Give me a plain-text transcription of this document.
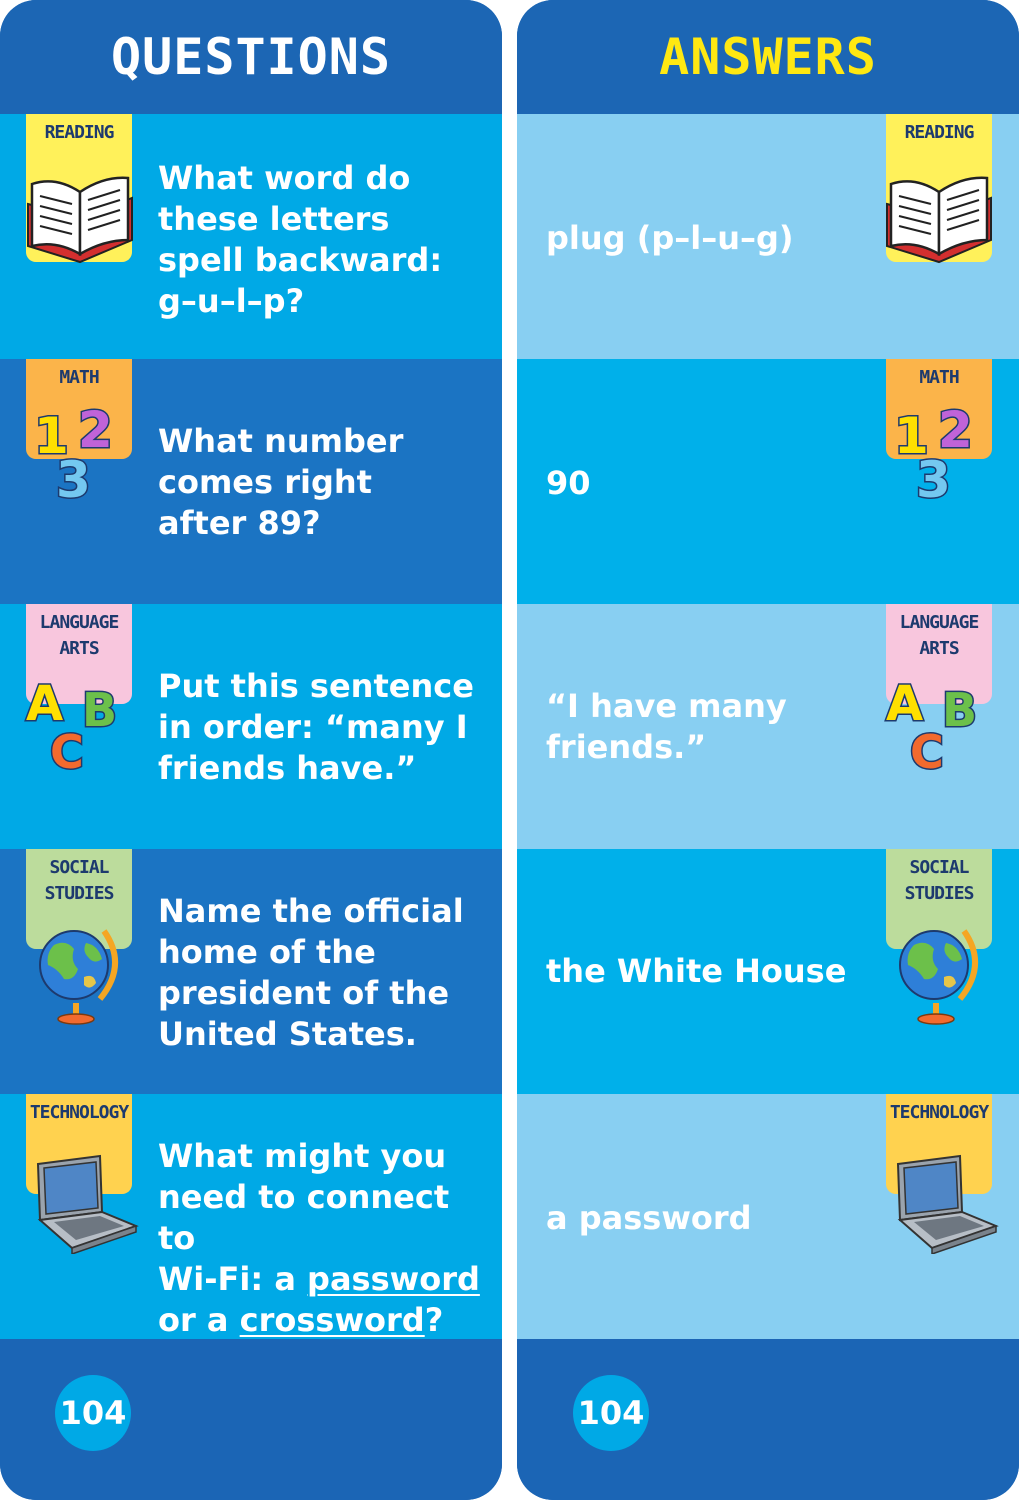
QUESTIONS
READING
What word do
these letters
spell backward:
g–u–l–p?
MATH
1 2
3
What number
comes right
after 89?
LANGUAGE
ARTS
A B
C
Put this sentence
in order: “many I
friends have.”
SOCIAL
STUDIES	Name the official
home of the
president of the
United States.
TECHNOLOGY
What might you
need to connect to
Wi-Fi: a password
or a crossword?
104
ANSWERS
READING
plug (p–l–u–g)
MATH
1 2
3
90
LANGUAGE
ARTS
A B
C
“I have many
friends.”
SOCIAL
STUDIES
the White House
TECHNOLOGY
a password
104
